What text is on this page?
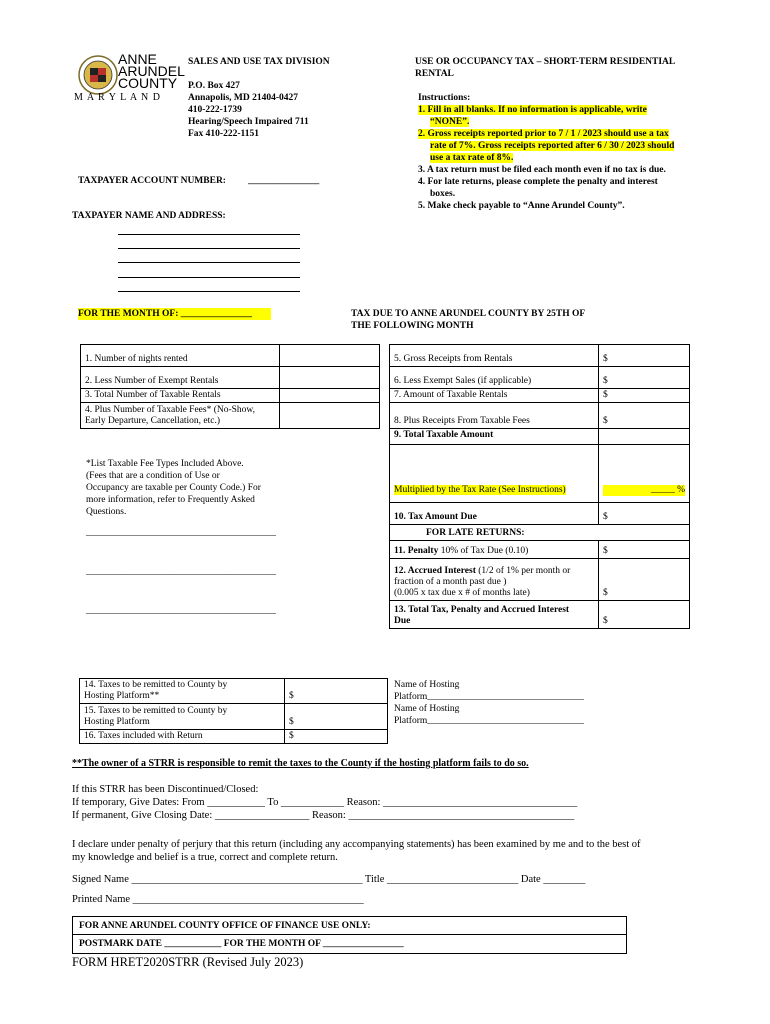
ANNE
ARUNDEL
COUNTY
M A R Y L A N D
SALES AND USE TAX DIVISION
P.O. Box 427
Annapolis, MD 21404-0427
410-222-1739
Hearing/Speech Impaired 711
Fax 410-222-1151
USE OR OCCUPANCY TAX – SHORT-TERM RESIDENTIAL
RENTAL
Instructions:
1. Fill in all blanks. If no information is applicable, write
“NONE”.
2. Gross receipts reported prior to 7 / 1 / 2023 should use a tax
rate of 7%. Gross receipts reported after 6 / 30 / 2023 should
use a tax rate of 8%.
3. A tax return must be filed each month even if no tax is due.
4. For late returns, please complete the penalty and interest
boxes.
5. Make check payable to “Anne Arundel County”.
TAXPAYER ACCOUNT NUMBER: _______________
TAXPAYER NAME AND ADDRESS:
FOR THE MONTH OF: _______________	TAX DUE TO ANNE ARUNDEL COUNTY BY 25TH OF
THE FOLLOWING MONTH
1. Number of nights rented	
2. Less Number of Exempt Rentals	
3. Total Number of Taxable Rentals	

4. Plus Number of Taxable Fees* (No-Show,
Early Departure, Cancellation, etc.)	

5. Gross Receipts from Rentals	$
6. Less Exempt Sales (if applicable)	$
7. Amount of Taxable Rentals	$
8. Plus Receipts From Taxable Fees	$
9. Total Taxable Amount	
Multiplied by the Tax Rate (See Instructions)	_____ %

10. Tax Amount Due	$
FOR LATE RETURNS:	
11. Penalty 10% of Tax Due (0.10)	$

12. Accrued Interest (1/2 of 1% per month or
fraction of a month past due )
(0.005 x tax due x # of months late)	$

13. Total Tax, Penalty and Accrued Interest
Due	$
*List Taxable Fee Types Included Above.
(Fees that are a condition of Use or
Occupancy are taxable per County Code.) For
more information, refer to Frequently Asked
Questions.
________________________________________
________________________________________
________________________________________
14. Taxes to be remitted to County by
Hosting Platform**	$

15. Taxes to be remitted to County by
Hosting Platform	$
16. Taxes included with Return	$
Name of Hosting
Platform_________________________________
Name of Hosting
Platform_________________________________
**The owner of a STRR is responsible to remit the taxes to the County if the hosting platform fails to do so.
If this STRR has been Discontinued/Closed:
If temporary, Give Dates: From ___________ To ____________ Reason: _____________________________________
If permanent, Give Closing Date: __________________ Reason: ___________________________________________
I declare under penalty of perjury that this return (including any accompanying statements) has been examined by me and to the best of
my knowledge and belief is a true, correct and complete return.
Signed Name ____________________________________________ Title _________________________ Date ________
Printed Name ____________________________________________
FOR ANNE ARUNDEL COUNTY OFFICE OF FINANCE USE ONLY:
POSTMARK DATE ____________ FOR THE MONTH OF _________________
FORM HRET2020STRR (Revised July 2023)
